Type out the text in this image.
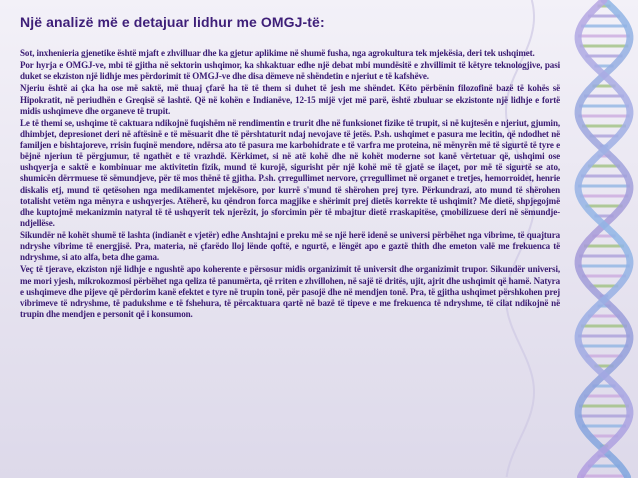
Një analizë më e detajuar lidhur me OMGJ-të:

Sot, inxhenieria gjenetike është mjaft e zhvilluar dhe ka gjetur aplikime në shumë fusha, nga agrokultura tek mjekësia, deri tek ushqimet.

Por hyrja e OMGJ-ve, mbi të gjitha në sektorin ushqimor, ka shkaktuar edhe një debat mbi mundësitë e zhvillimit të këtyre teknologjive, pasi duket se ekziston një lidhje mes përdorimit të OMGJ-ve dhe disa dëmeve në shëndetin e njeriut e të kafshëve.

Njeriu është ai çka ha ose më saktë, më thuaj çfarë ha të të them si duhet të jesh me shëndet. Këto përbënin filozofinë bazë të kohës së Hipokratit, në periudhën e Greqisë së lashtë. Që në kohën e Indianëve, 12-15 mijë vjet më parë, është zbuluar se ekzistonte një lidhje e fortë midis ushqimeve dhe organeve të trupit.

Le të themi se, ushqime të caktuara ndikojnë fuqishëm në rendimentin e trurit dhe në funksionet fizike të trupit, si në kujtesën e njeriut, gjumin, dhimbjet, depresionet deri në aftësinë e të mësuarit dhe të përshtaturit ndaj nevojave të jetës. P.sh. ushqimet e pasura me lecitin, që ndodhet në familjen e bishtajoreve, rrisin fuqinë mendore, ndërsa ato të pasura me karbohidrate e të varfra me proteina, në mënyrën më të sigurtë të tyre e bëjnë njeriun të përgjumur, të ngathët e të vrazhdë. Kërkimet, si në atë kohë dhe në kohët moderne sot kanë vërtetuar që, ushqimi ose ushqyerja e saktë e kombinuar me aktivitetin fizik, mund të kurojë, sigurisht për një kohë më të gjatë se ilaçet, por më të sigurtë se ato, shumicën dërrmuese të sëmundjeve, për të mos thënë të gjitha. P.sh. çrregullimet nervore, çrregullimet në organet e tretjes, hemorroidet, henrie diskalis etj, mund të qetësohen nga medikamentet mjekësore, por kurrë s'mund të shërohen prej tyre. Përkundrazi, ato mund të shërohen totalisht vetëm nga mënyra e ushqyerjes. Atëherë, ku qëndron forca magjike e shërimit prej dietës korrekte të ushqimit? Me dietë, shpjegojmë dhe kuptojmë mekanizmin natyral të të ushqyerit tek njerëzit, jo sforcimin për të mbajtur dietë rraskapitëse, çmobilizuese deri në sëmundje-ndjellëse.

Sikundër në kohët shumë të lashta (indianët e vjetër) edhe Anshtajni e preku më se një herë idenë se universi përbëhet nga vibrime, të quajtura ndryshe vibrime të energjisë. Pra, materia, në çfarëdo lloj lënde qoftë, e ngurtë, e lëngët apo e gaztë thith dhe emeton valë me frekuenca të ndryshme, si ato alfa, beta dhe gama.

Veç të tjerave, ekziston një lidhje e ngushtë apo koherente e përsosur midis organizimit të universit dhe organizimit trupor. Sikundër universi, me mori yjesh, mikrokozmosi përbëhet nga qeliza të panumërta, që rriten e zhvillohen, në sajë të dritës, ujit, ajrit dhe ushqimit që hamë. Natyra e ushqimeve dhe pijeve që përdorim kanë efektet e tyre në trupin tonë, për pasojë dhe në mendjen tonë. Pra, të gjitha ushqimet përshkohen prej vibrimeve të ndryshme, të padukshme e të fshehura, të përcaktuara qartë në bazë të tipeve e me frekuenca të ndryshme, të cilat ndikojnë në trupin dhe mendjen e personit që i konsumon.
